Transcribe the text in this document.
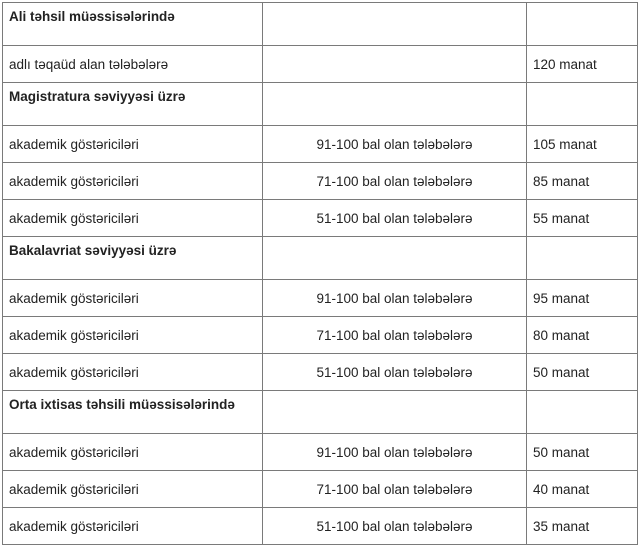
Ali təhsil müəssisələrində		
adlı təqaüd alan tələbələrə		120 manat
Magistratura səviyyəsi üzrə		
akademik göstəriciləri	91-100 bal olan tələbələrə	105 manat
akademik göstəriciləri	71-100 bal olan tələbələrə	85 manat
akademik göstəriciləri	51-100 bal olan tələbələrə	55 manat
Bakalavriat səviyyəsi üzrə		
akademik göstəriciləri	91-100 bal olan tələbələrə	95 manat
akademik göstəriciləri	71-100 bal olan tələbələrə	80 manat
akademik göstəriciləri	51-100 bal olan tələbələrə	50 manat
Orta ixtisas təhsili müəssisələrində		
akademik göstəriciləri	91-100 bal olan tələbələrə	50 manat
akademik göstəriciləri	71-100 bal olan tələbələrə	40 manat
akademik göstəriciləri	51-100 bal olan tələbələrə	35 manat
